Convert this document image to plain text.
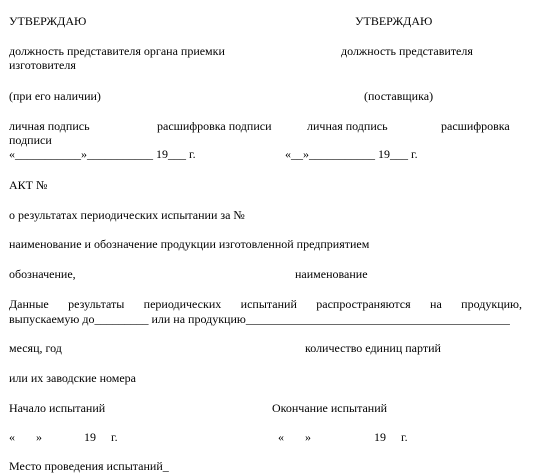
УТВЕРЖДАЮ	УТВЕРЖДАЮ
должность представителя органа приемки	должность представителя
изготовителя
(при его наличии)	(поставщика)
личная подпись	расшифровка подписи	личная подпись	расшифровка
подписи
«___________»___________ 19___ г.	«__»___________ 19___ г.
АКТ №
о результатах периодических испытании за №
наименование и обозначение продукции изготовленной предприятием
обозначение,	наименование
Данные результаты периодических испытаний распространяются на продукцию,
выпускаемую до_________ или на продукцию____________________________________________
месяц, год	количество единиц партий
или их заводские номера
Начало испытаний	Окончание испытаний
«       »              19     г.	«       »                     19     г.
Место проведения испытаний_
